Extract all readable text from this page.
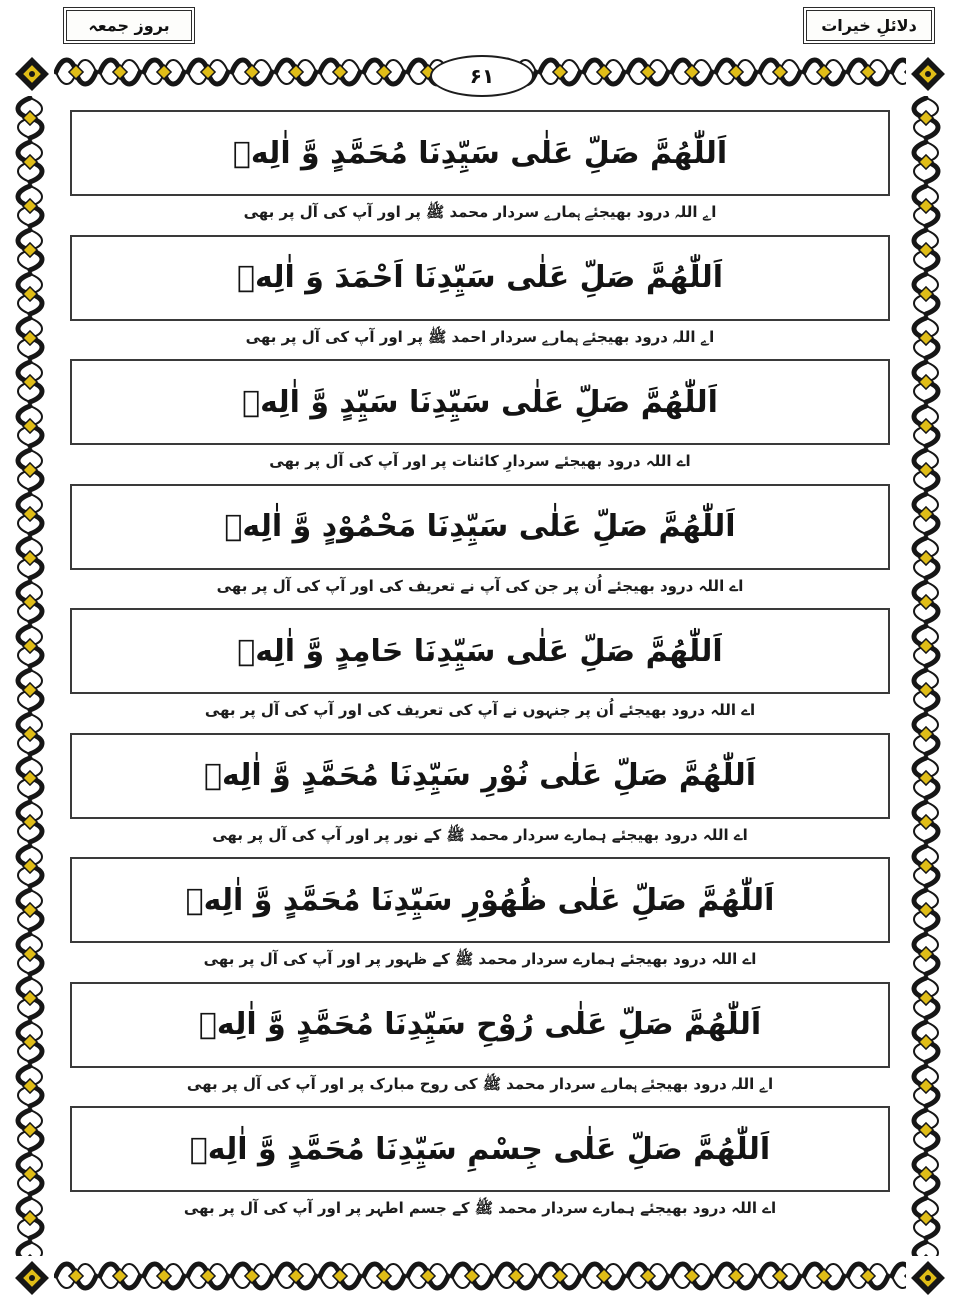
بروز جمعہ	دلائلِ خیرات
۶۱

اَللّٰهُمَّ صَلِّ عَلٰی سَیِّدِنَا مُحَمَّدٍ وَّ اٰلِهٖ

اے اللہ درود بھیجئے ہمارے سردار محمد ﷺ پر اور آپ کی آل پر بھی

اَللّٰهُمَّ صَلِّ عَلٰی سَیِّدِنَا اَحْمَدَ وَ اٰلِهٖ

اے اللہ درود بھیجئے ہمارے سردار احمد ﷺ پر اور آپ کی آل پر بھی

اَللّٰهُمَّ صَلِّ عَلٰی سَیِّدِنَا سَیِّدٍ وَّ اٰلِهٖ

اے اللہ درود بھیجئے سردارِ کائنات پر اور آپ کی آل پر بھی

اَللّٰهُمَّ صَلِّ عَلٰی سَیِّدِنَا مَحْمُوْدٍ وَّ اٰلِهٖ

اے اللہ درود بھیجئے اُن پر جن کی آپ نے تعریف کی اور آپ کی آل پر بھی

اَللّٰهُمَّ صَلِّ عَلٰی سَیِّدِنَا حَامِدٍ وَّ اٰلِهٖ

اے اللہ درود بھیجئے اُن پر جنہوں نے آپ کی تعریف کی اور آپ کی آل پر بھی

اَللّٰهُمَّ صَلِّ عَلٰی نُوْرِ سَیِّدِنَا مُحَمَّدٍ وَّ اٰلِهٖ

اے اللہ درود بھیجئے ہمارے سردار محمد ﷺ کے نور پر اور آپ کی آل پر بھی

اَللّٰهُمَّ صَلِّ عَلٰی ظُهُوْرِ سَیِّدِنَا مُحَمَّدٍ وَّ اٰلِهٖ

اے اللہ درود بھیجئے ہمارے سردار محمد ﷺ کے ظہور پر اور آپ کی آل پر بھی

اَللّٰهُمَّ صَلِّ عَلٰی رُوْحِ سَیِّدِنَا مُحَمَّدٍ وَّ اٰلِهٖ

اے اللہ درود بھیجئے ہمارے سردار محمد ﷺ کی روح مبارک پر اور آپ کی آل پر بھی

اَللّٰهُمَّ صَلِّ عَلٰی جِسْمِ سَیِّدِنَا مُحَمَّدٍ وَّ اٰلِهٖ

اے اللہ درود بھیجئے ہمارے سردار محمد ﷺ کے جسم اطہر پر اور آپ کی آل پر بھی
